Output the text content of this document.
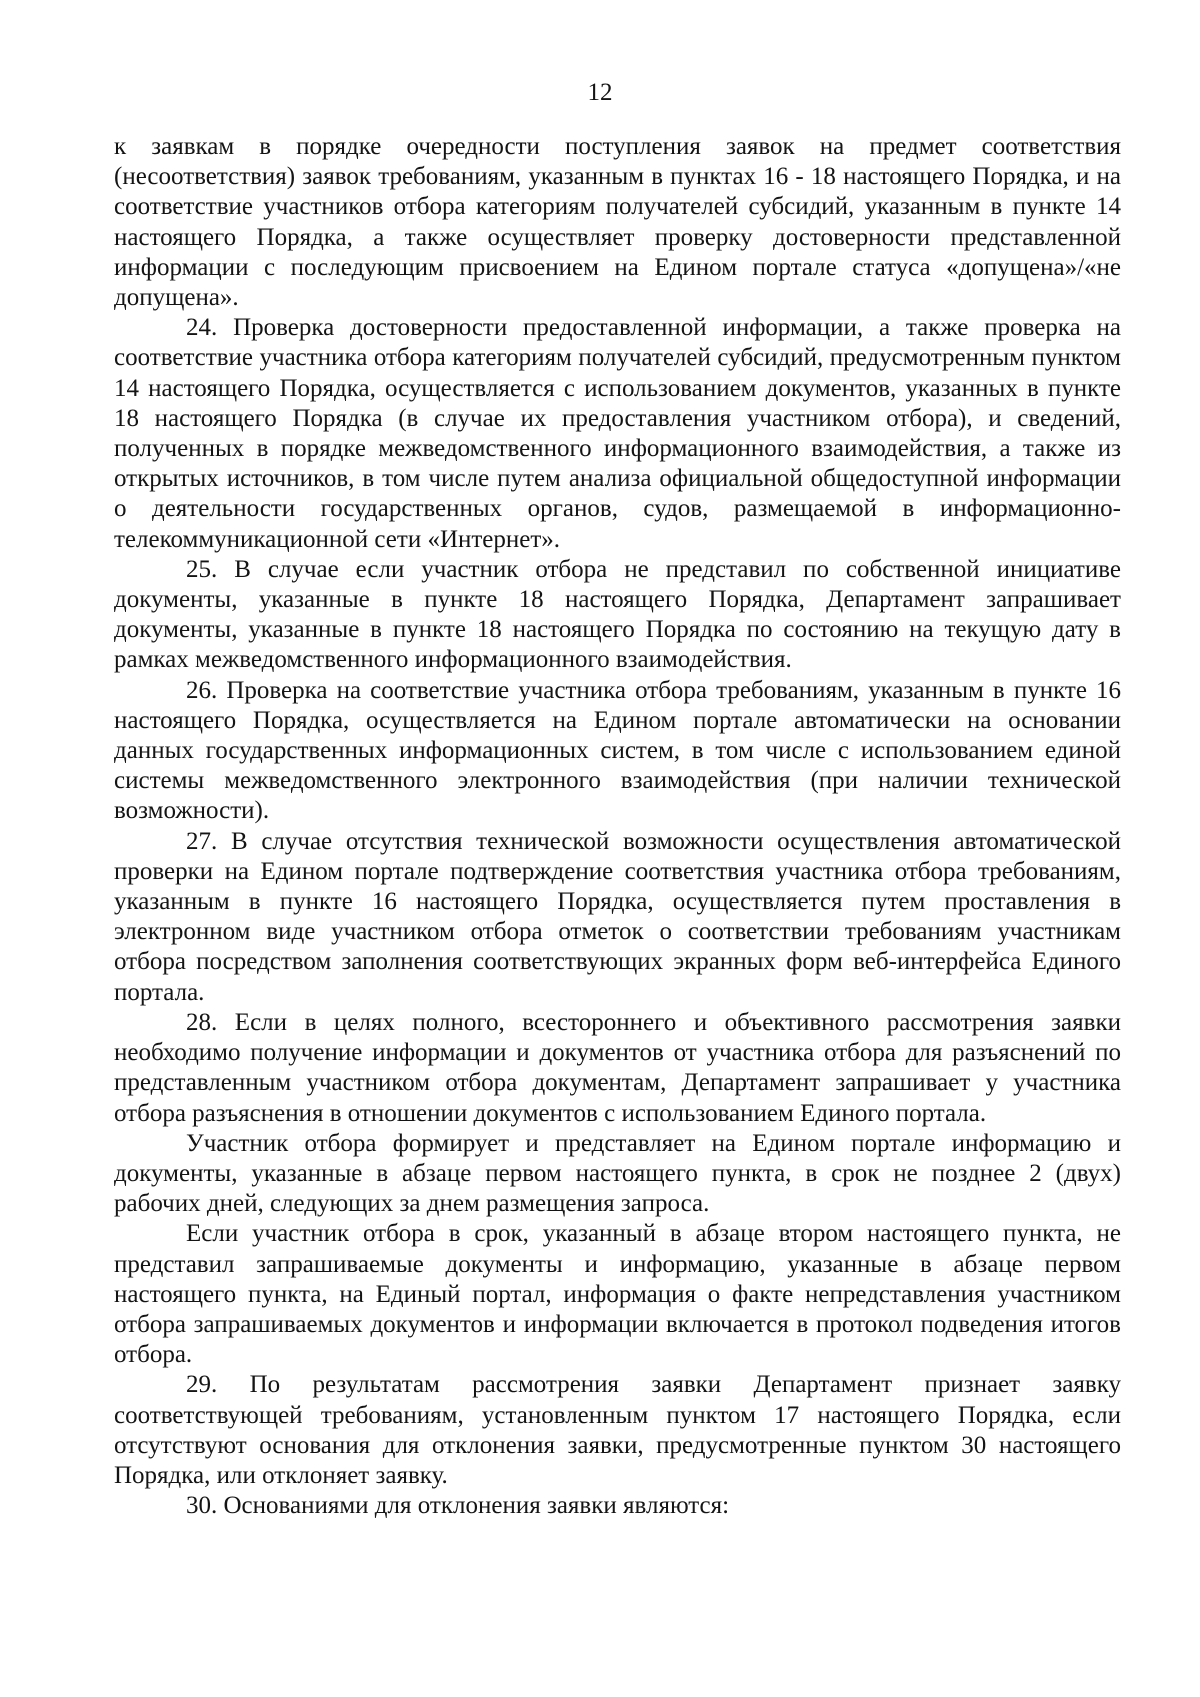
12

к заявкам в порядке очередности поступления заявок на предмет соответствия (несоответствия) заявок требованиям, указанным в пунктах 16 - 18 настоящего Порядка, и на соответствие участников отбора категориям получателей субсидий, указанным в пункте 14 настоящего Порядка, а также осуществляет проверку достоверности представленной информации с последующим присвоением на Едином портале статуса «допущена»/«не допущена».

24. Проверка достоверности предоставленной информации, а также проверка на соответствие участника отбора категориям получателей субсидий, предусмотренным пунктом 14 настоящего Порядка, осуществляется с использованием документов, указанных в пункте 18 настоящего Порядка (в случае их предоставления участником отбора), и сведений, полученных в порядке межведомственного информационного взаимодействия, а также из открытых источников, в том числе путем анализа официальной общедоступной информации о деятельности государственных органов, судов, размещаемой в информационно-телекоммуникационной сети «Интернет».

25. В случае если участник отбора не представил по собственной инициативе документы, указанные в пункте 18 настоящего Порядка, Департамент запрашивает документы, указанные в пункте 18 настоящего Порядка по состоянию на текущую дату в рамках межведомственного информационного взаимодействия.

26. Проверка на соответствие участника отбора требованиям, указанным в пункте 16 настоящего Порядка, осуществляется на Едином портале автоматически на основании данных государственных информационных систем, в том числе с использованием единой системы межведомственного электронного взаимодействия (при наличии технической возможности).

27. В случае отсутствия технической возможности осуществления автоматической проверки на Едином портале подтверждение соответствия участника отбора требованиям, указанным в пункте 16 настоящего Порядка, осуществляется путем проставления в электронном виде участником отбора отметок о соответствии требованиям участникам отбора посредством заполнения соответствующих экранных форм веб-интерфейса Единого портала.

28. Если в целях полного, всестороннего и объективного рассмотрения заявки необходимо получение информации и документов от участника отбора для разъяснений по представленным участником отбора документам, Департамент запрашивает у участника отбора разъяснения в отношении документов с использованием Единого портала.

Участник отбора формирует и представляет на Едином портале информацию и документы, указанные в абзаце первом настоящего пункта, в срок не позднее 2 (двух) рабочих дней, следующих за днем размещения запроса.

Если участник отбора в срок, указанный в абзаце втором настоящего пункта, не представил запрашиваемые документы и информацию, указанные в абзаце первом настоящего пункта, на Единый портал, информация о факте непредставления участником отбора запрашиваемых документов и информации включается в протокол подведения итогов отбора.

29. По результатам рассмотрения заявки Департамент признает заявку соответствующей требованиям, установленным пунктом 17 настоящего Порядка, если отсутствуют основания для отклонения заявки, предусмотренные пунктом 30 настоящего Порядка, или отклоняет заявку.

30. Основаниями для отклонения заявки являются:
